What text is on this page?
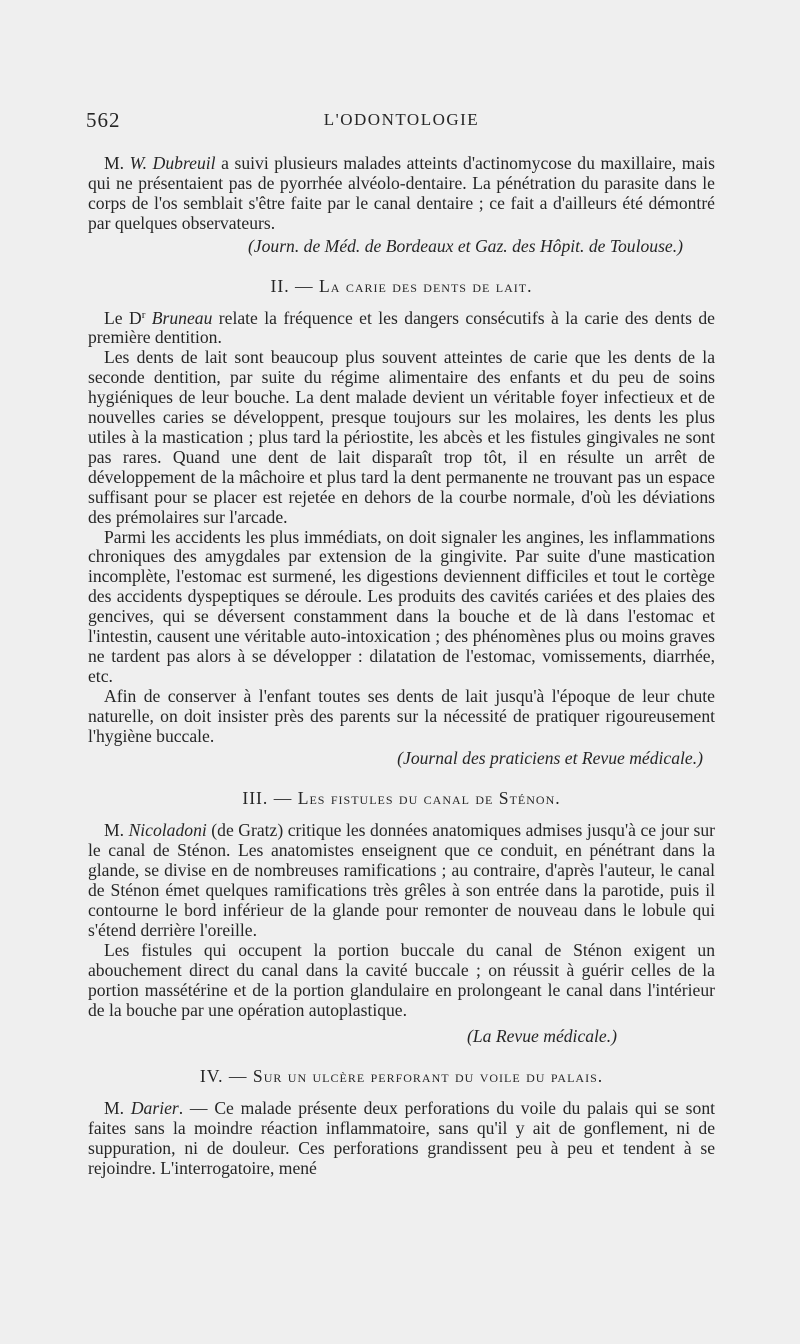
562	L'ODONTOLOGIE

M. W. Dubreuil a suivi plusieurs malades atteints d'actinomycose du maxillaire, mais qui ne présentaient pas de pyorrhée alvéolo-dentaire. La pénétration du parasite dans le corps de l'os semblait s'être faite par le canal dentaire ; ce fait a d'ailleurs été démontré par quelques observateurs.

(Journ. de Méd. de Bordeaux et Gaz. des Hôpit. de Toulouse.)
II. — La carie des dents de lait.

Le $D^r$ Bruneau relate la fréquence et les dangers consécutifs à la carie des dents de première dentition.

Les dents de lait sont beaucoup plus souvent atteintes de carie que les dents de la seconde dentition, par suite du régime alimentaire des enfants et du peu de soins hygiéniques de leur bouche. La dent malade devient un véritable foyer infectieux et de nouvelles caries se développent, presque toujours sur les molaires, les dents les plus utiles à la mastication ; plus tard la périostite, les abcès et les fistules gingivales ne sont pas rares. Quand une dent de lait disparaît trop tôt, il en résulte un arrêt de développement de la mâchoire et plus tard la dent permanente ne trouvant pas un espace suffisant pour se placer est rejetée en dehors de la courbe normale, d'où les déviations des prémolaires sur l'arcade.

Parmi les accidents les plus immédiats, on doit signaler les angines, les inflammations chroniques des amygdales par extension de la gingivite. Par suite d'une mastication incomplète, l'estomac est surmené, les digestions deviennent difficiles et tout le cortège des accidents dyspeptiques se déroule. Les produits des cavités cariées et des plaies des gencives, qui se déversent constamment dans la bouche et de là dans l'estomac et l'intestin, causent une véritable auto-intoxication ; des phénomènes plus ou moins graves ne tardent pas alors à se développer : dilatation de l'estomac, vomissements, diarrhée, etc.

Afin de conserver à l'enfant toutes ses dents de lait jusqu'à l'époque de leur chute naturelle, on doit insister près des parents sur la nécessité de pratiquer rigoureusement l'hygiène buccale.

(Journal des praticiens et Revue médicale.)
III. — Les fistules du canal de Sténon.

M. Nicoladoni (de Gratz) critique les données anatomiques admises jusqu'à ce jour sur le canal de Sténon. Les anatomistes enseignent que ce conduit, en pénétrant dans la glande, se divise en de nombreuses ramifications ; au contraire, d'après l'auteur, le canal de Sténon émet quelques ramifications très grêles à son entrée dans la parotide, puis il contourne le bord inférieur de la glande pour remonter de nouveau dans le lobule qui s'étend derrière l'oreille.

Les fistules qui occupent la portion buccale du canal de Sténon exigent un abouchement direct du canal dans la cavité buccale ; on réussit à guérir celles de la portion massétérine et de la portion glandulaire en prolongeant le canal dans l'intérieur de la bouche par une opération autoplastique.

(La Revue médicale.)
IV. — Sur un ulcère perforant du voile du palais.

M. Darier. — Ce malade présente deux perforations du voile du palais qui se sont faites sans la moindre réaction inflammatoire, sans qu'il y ait de gonflement, ni de suppuration, ni de douleur. Ces perforations grandissent peu à peu et tendent à se rejoindre. L'interrogatoire, mené
